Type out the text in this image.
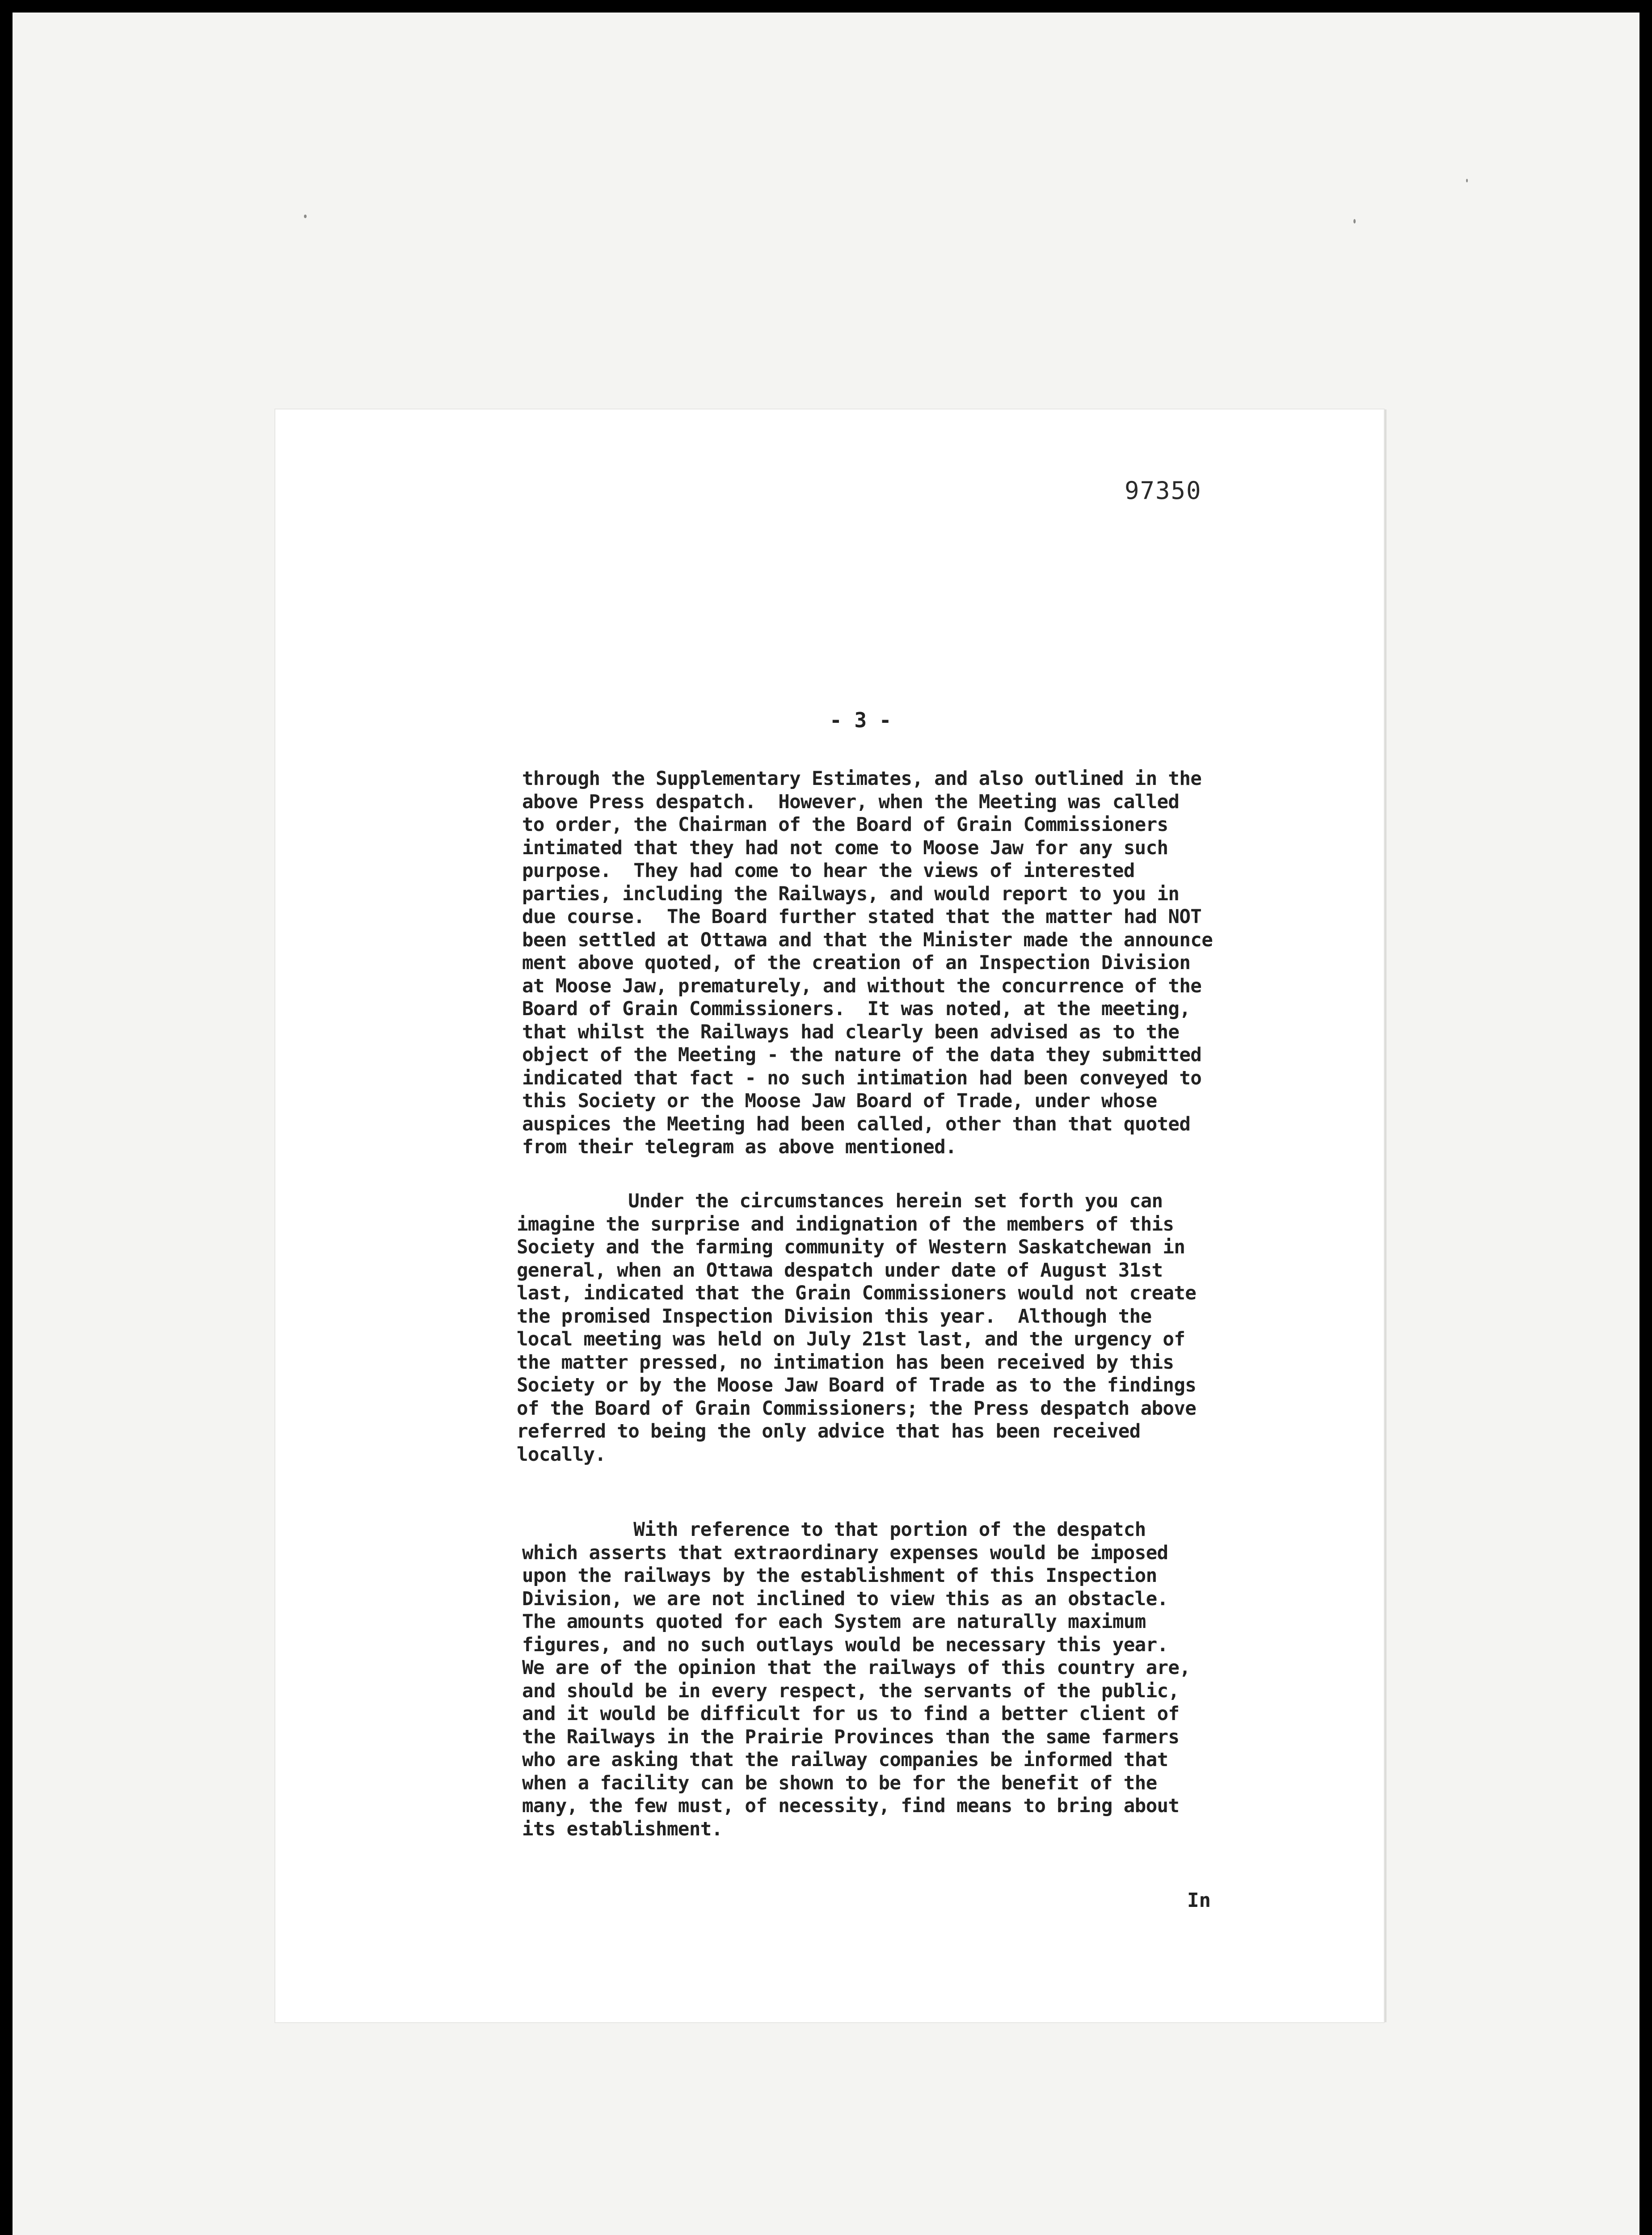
97350
- 3 -
through the Supplementary Estimates, and also outlined in the
above Press despatch.  However, when the Meeting was called
to order, the Chairman of the Board of Grain Commissioners
intimated that they had not come to Moose Jaw for any such
purpose.  They had come to hear the views of interested
parties, including the Railways, and would report to you in
due course.  The Board further stated that the matter had NOT
been settled at Ottawa and that the Minister made the announce
ment above quoted, of the creation of an Inspection Division
at Moose Jaw, prematurely, and without the concurrence of the
Board of Grain Commissioners.  It was noted, at the meeting,
that whilst the Railways had clearly been advised as to the
object of the Meeting - the nature of the data they submitted
indicated that fact - no such intimation had been conveyed to
this Society or the Moose Jaw Board of Trade, under whose
auspices the Meeting had been called, other than that quoted
from their telegram as above mentioned.
Under the circumstances herein set forth you can
imagine the surprise and indignation of the members of this
Society and the farming community of Western Saskatchewan in
general, when an Ottawa despatch under date of August 31st
last, indicated that the Grain Commissioners would not create
the promised Inspection Division this year.  Although the
local meeting was held on July 21st last, and the urgency of
the matter pressed, no intimation has been received by this
Society or by the Moose Jaw Board of Trade as to the findings
of the Board of Grain Commissioners; the Press despatch above
referred to being the only advice that has been received
locally.
With reference to that portion of the despatch
which asserts that extraordinary expenses would be imposed
upon the railways by the establishment of this Inspection
Division, we are not inclined to view this as an obstacle.
The amounts quoted for each System are naturally maximum
figures, and no such outlays would be necessary this year.
We are of the opinion that the railways of this country are,
and should be in every respect, the servants of the public,
and it would be difficult for us to find a better client of
the Railways in the Prairie Provinces than the same farmers
who are asking that the railway companies be informed that
when a facility can be shown to be for the benefit of the
many, the few must, of necessity, find means to bring about
its establishment.
In
